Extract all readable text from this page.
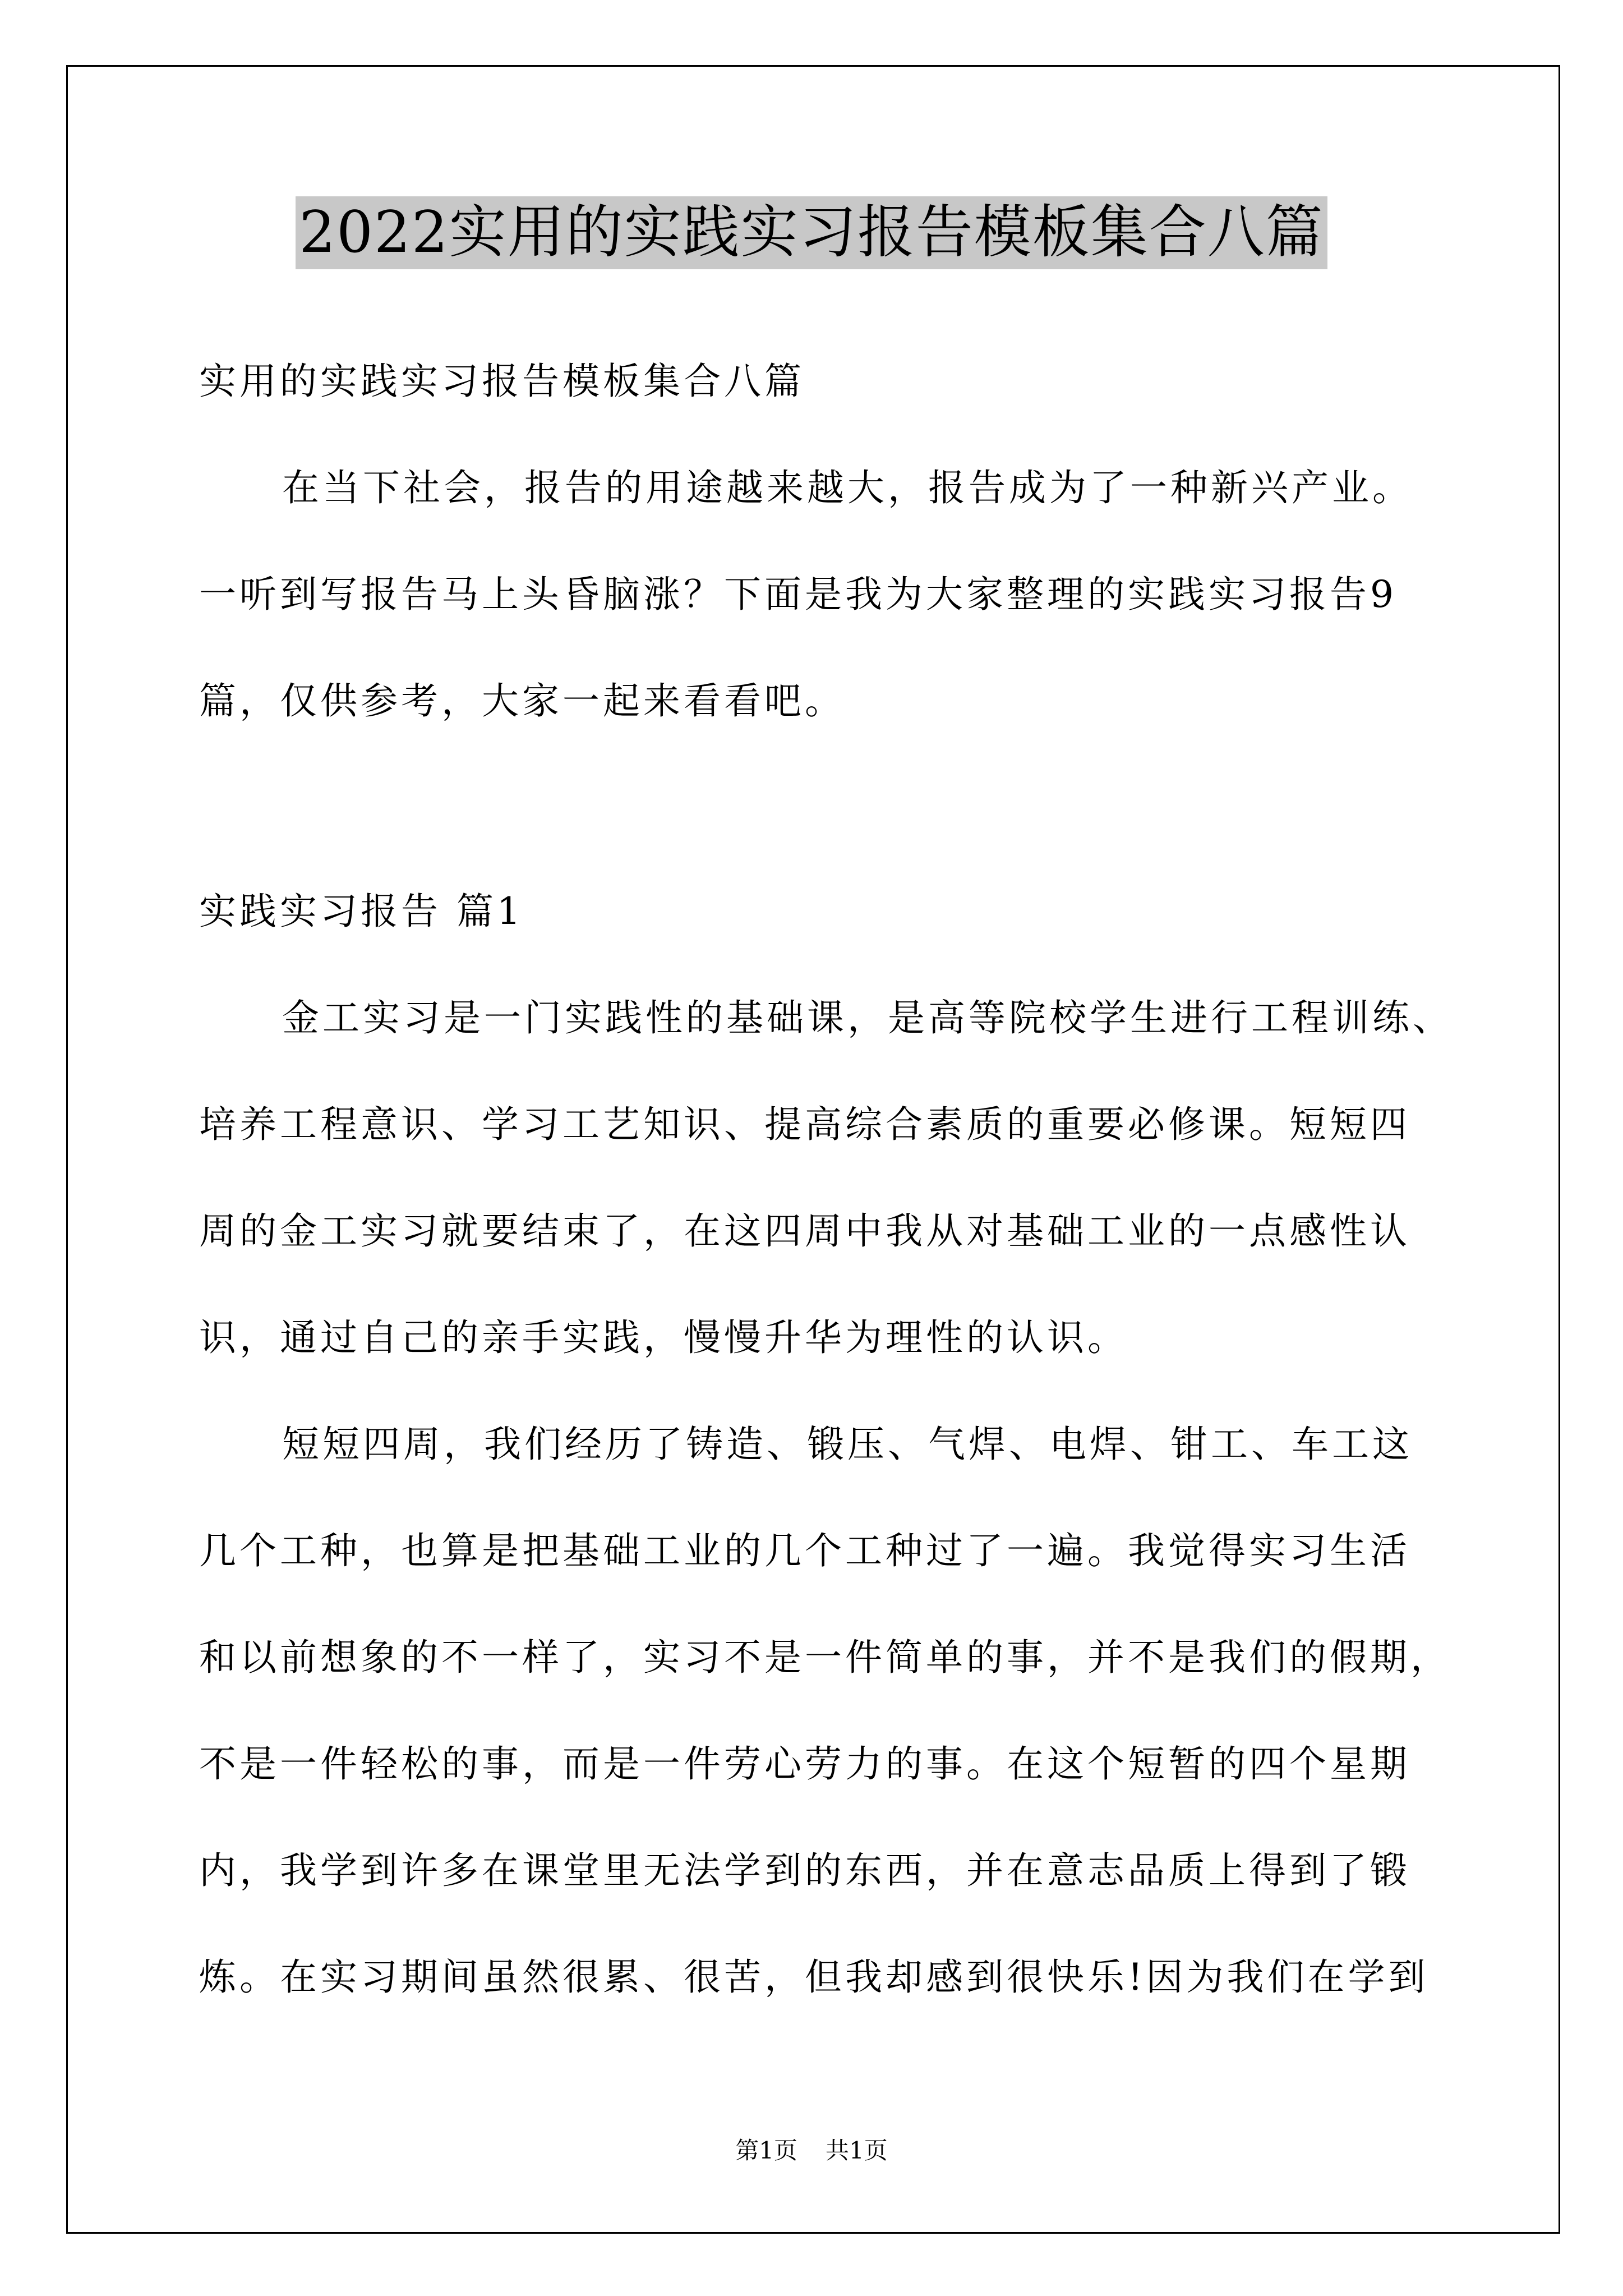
2022实用的实践实习报告模板集合八篇
实用的实践实习报告模板集合八篇
在当下社会，报告的用途越来越大，报告成为了一种新兴产业。
一听到写报告马上头昏脑涨？下面是我为大家整理的实践实习报告9
篇，仅供参考，大家一起来看看吧。
实践实习报告 篇1
金工实习是一门实践性的基础课，是高等院校学生进行工程训练、
培养工程意识、学习工艺知识、提高综合素质的重要必修课。短短四
周的金工实习就要结束了，在这四周中我从对基础工业的一点感性认
识，通过自己的亲手实践，慢慢升华为理性的认识。
短短四周，我们经历了铸造、锻压、气焊、电焊、钳工、车工这
几个工种，也算是把基础工业的几个工种过了一遍。我觉得实习生活
和以前想象的不一样了，实习不是一件简单的事，并不是我们的假期，
不是一件轻松的事，而是一件劳心劳力的事。在这个短暂的四个星期
内，我学到许多在课堂里无法学到的东西，并在意志品质上得到了锻
炼。在实习期间虽然很累、很苦，但我却感到很快乐!因为我们在学到
第1页 共1页
